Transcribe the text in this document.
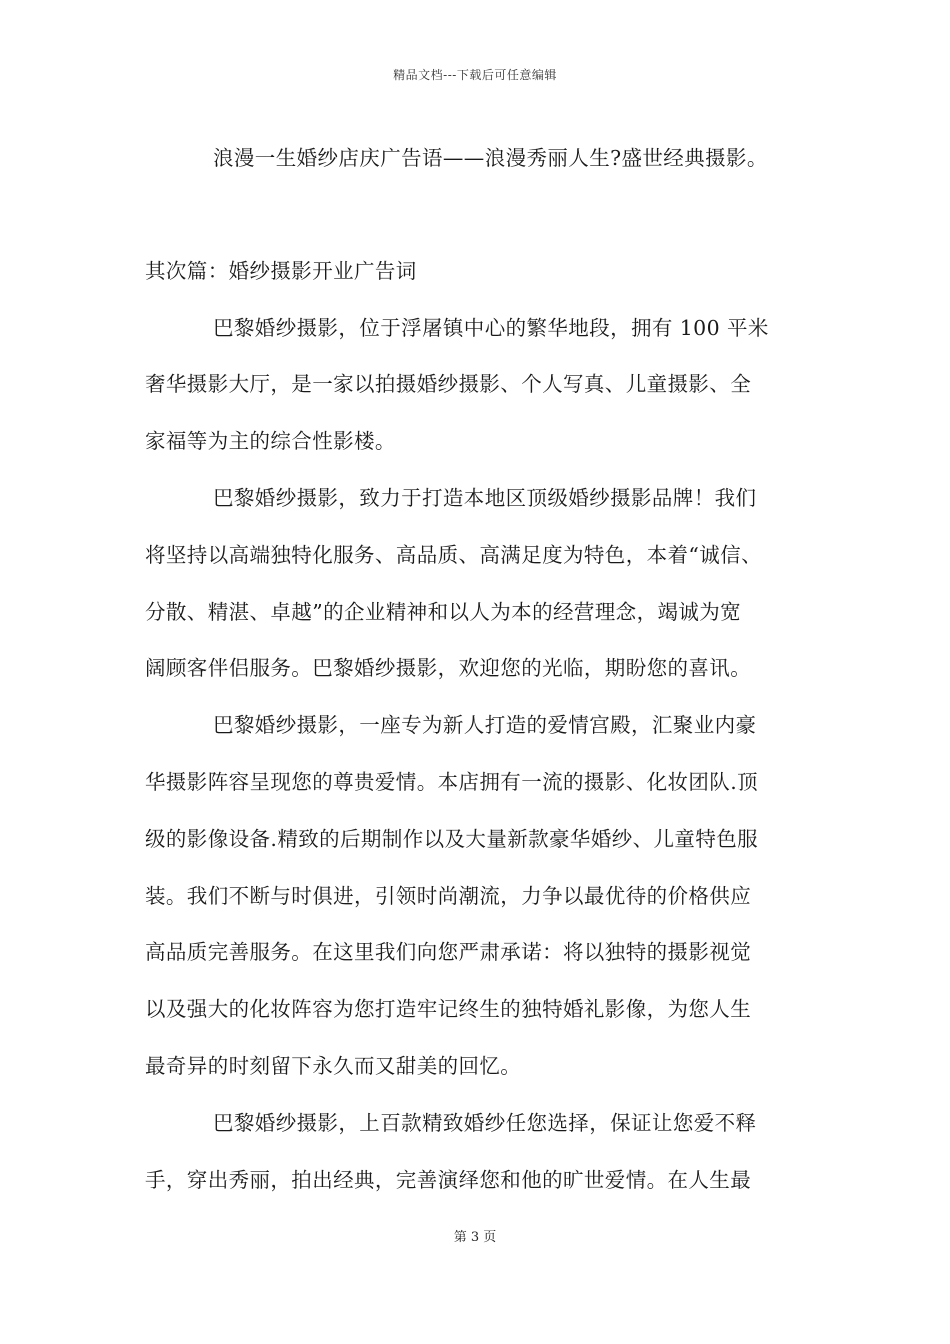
精品文档---下载后可任意编辑
浪漫一生婚纱店庆广告语——浪漫秀丽人生?盛世经典摄影。
其次篇：婚纱摄影开业广告词
巴黎婚纱摄影，位于浮屠镇中心的繁华地段，拥有 100 平米
奢华摄影大厅，是一家以拍摄婚纱摄影、个人写真、儿童摄影、全
家福等为主的综合性影楼。
巴黎婚纱摄影，致力于打造本地区顶级婚纱摄影品牌！我们
将坚持以高端独特化服务、高品质、高满足度为特色，本着“诚信、
分散、精湛、卓越”的企业精神和以人为本的经营理念，竭诚为宽
阔顾客伴侣服务。巴黎婚纱摄影，欢迎您的光临，期盼您的喜讯。
巴黎婚纱摄影，一座专为新人打造的爱情宫殿，汇聚业内豪
华摄影阵容呈现您的尊贵爱情。本店拥有一流的摄影、化妆团队.顶
级的影像设备.精致的后期制作以及大量新款豪华婚纱、儿童特色服
装。我们不断与时俱进，引领时尚潮流，力争以最优待的价格供应
高品质完善服务。在这里我们向您严肃承诺：将以独特的摄影视觉
以及强大的化妆阵容为您打造牢记终生的独特婚礼影像，为您人生
最奇异的时刻留下永久而又甜美的回忆。
巴黎婚纱摄影，上百款精致婚纱任您选择，保证让您爱不释
手，穿出秀丽，拍出经典，完善演绎您和他的旷世爱情。在人生最
第 3 页
